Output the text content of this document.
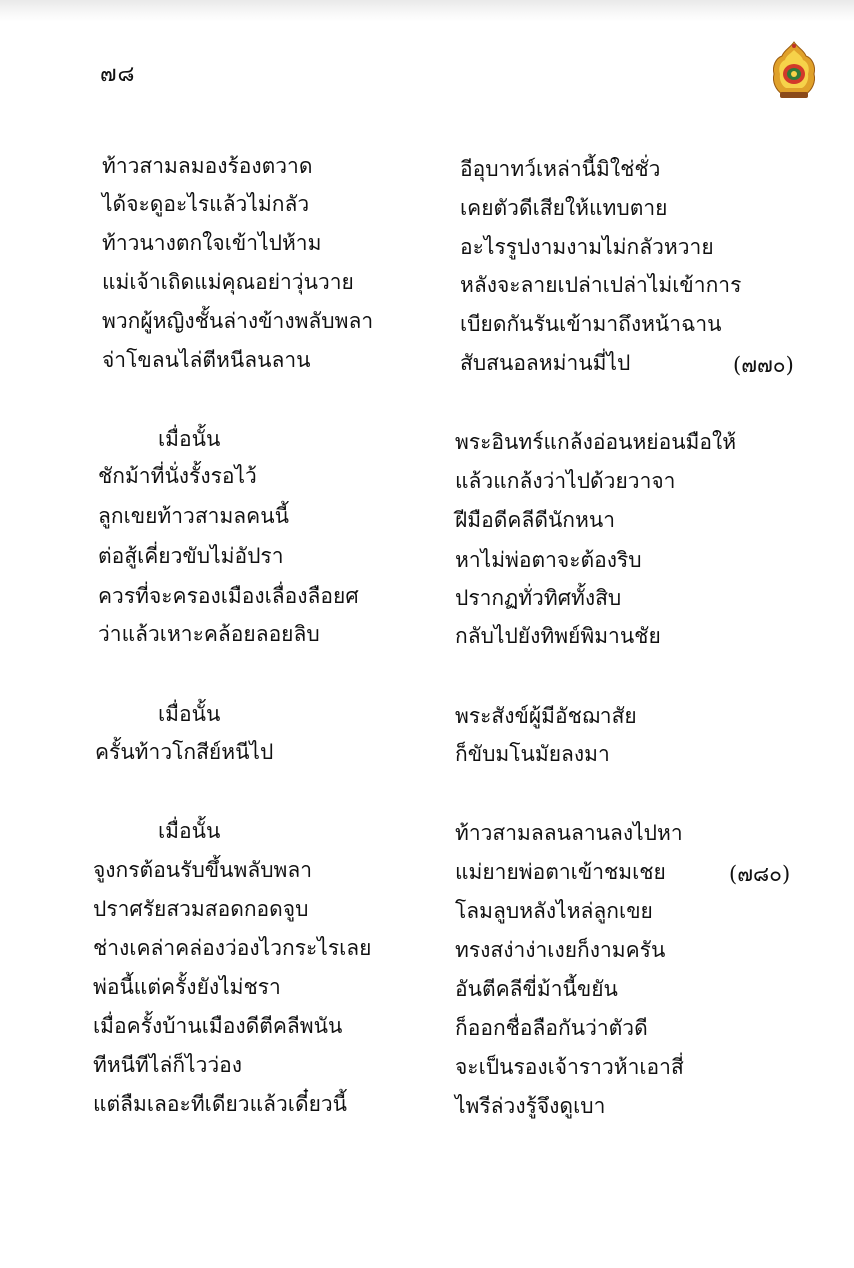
๗๘
ท้าวสามลมองร้องตวาด
ได้จะดูอะไรแล้วไม่กลัว
ท้าวนางตกใจเข้าไปห้าม
แม่เจ้าเถิดแม่คุณอย่าวุ่นวาย
พวกผู้หญิงชั้นล่างข้างพลับพลา
จ่าโขลนไล่ตีหนีลนลาน
อีอุบาทว์เหล่านี้มิใช่ชั่ว
เคยตัวดีเสียให้แทบตาย
อะไรรูปงามงามไม่กลัวหวาย
หลังจะลายเปล่าเปล่าไม่เข้าการ
เบียดกันรันเข้ามาถึงหน้าฉาน
สับสนอลหม่านมี่ไป	(๗๗๐)
เมื่อนั้น
ชักม้าที่นั่งรั้งรอไว้
ลูกเขยท้าวสามลคนนี้
ต่อสู้เคี่ยวขับไม่อัปรา
ควรที่จะครองเมืองเลื่องลือยศ
ว่าแล้วเหาะคล้อยลอยลิบ
พระอินทร์แกล้งอ่อนหย่อนมือให้
แล้วแกล้งว่าไปด้วยวาจา
ฝีมือดีคลีดีนักหนา
หาไม่พ่อตาจะต้องริบ
ปรากฏทั่วทิศทั้งสิบ
กลับไปยังทิพย์พิมานชัย
เมื่อนั้น
ครั้นท้าวโกสีย์หนีไป
พระสังข์ผู้มีอัชฌาสัย
ก็ขับมโนมัยลงมา
เมื่อนั้น
จูงกรต้อนรับขึ้นพลับพลา
ปราศรัยสวมสอดกอดจูบ
ช่างเคล่าคล่องว่องไวกระไรเลย
พ่อนี้แต่ครั้งยังไม่ชรา
เมื่อครั้งบ้านเมืองดีตีคลีพนัน
ทีหนีทีไล่ก็ไวว่อง
แต่ลืมเลอะทีเดียวแล้วเดี๋ยวนี้
ท้าวสามลลนลานลงไปหา
แม่ยายพ่อตาเข้าชมเชย
โลมลูบหลังไหล่ลูกเขย
ทรงสง่าง่าเงยก็งามครัน
อันตีคลีขี่ม้านี้ขยัน
ก็ออกชื่อลือกันว่าตัวดี
จะเป็นรองเจ้าราวห้าเอาสี่
ไพรีล่วงรู้จึงดูเบา
(๗๘๐)
